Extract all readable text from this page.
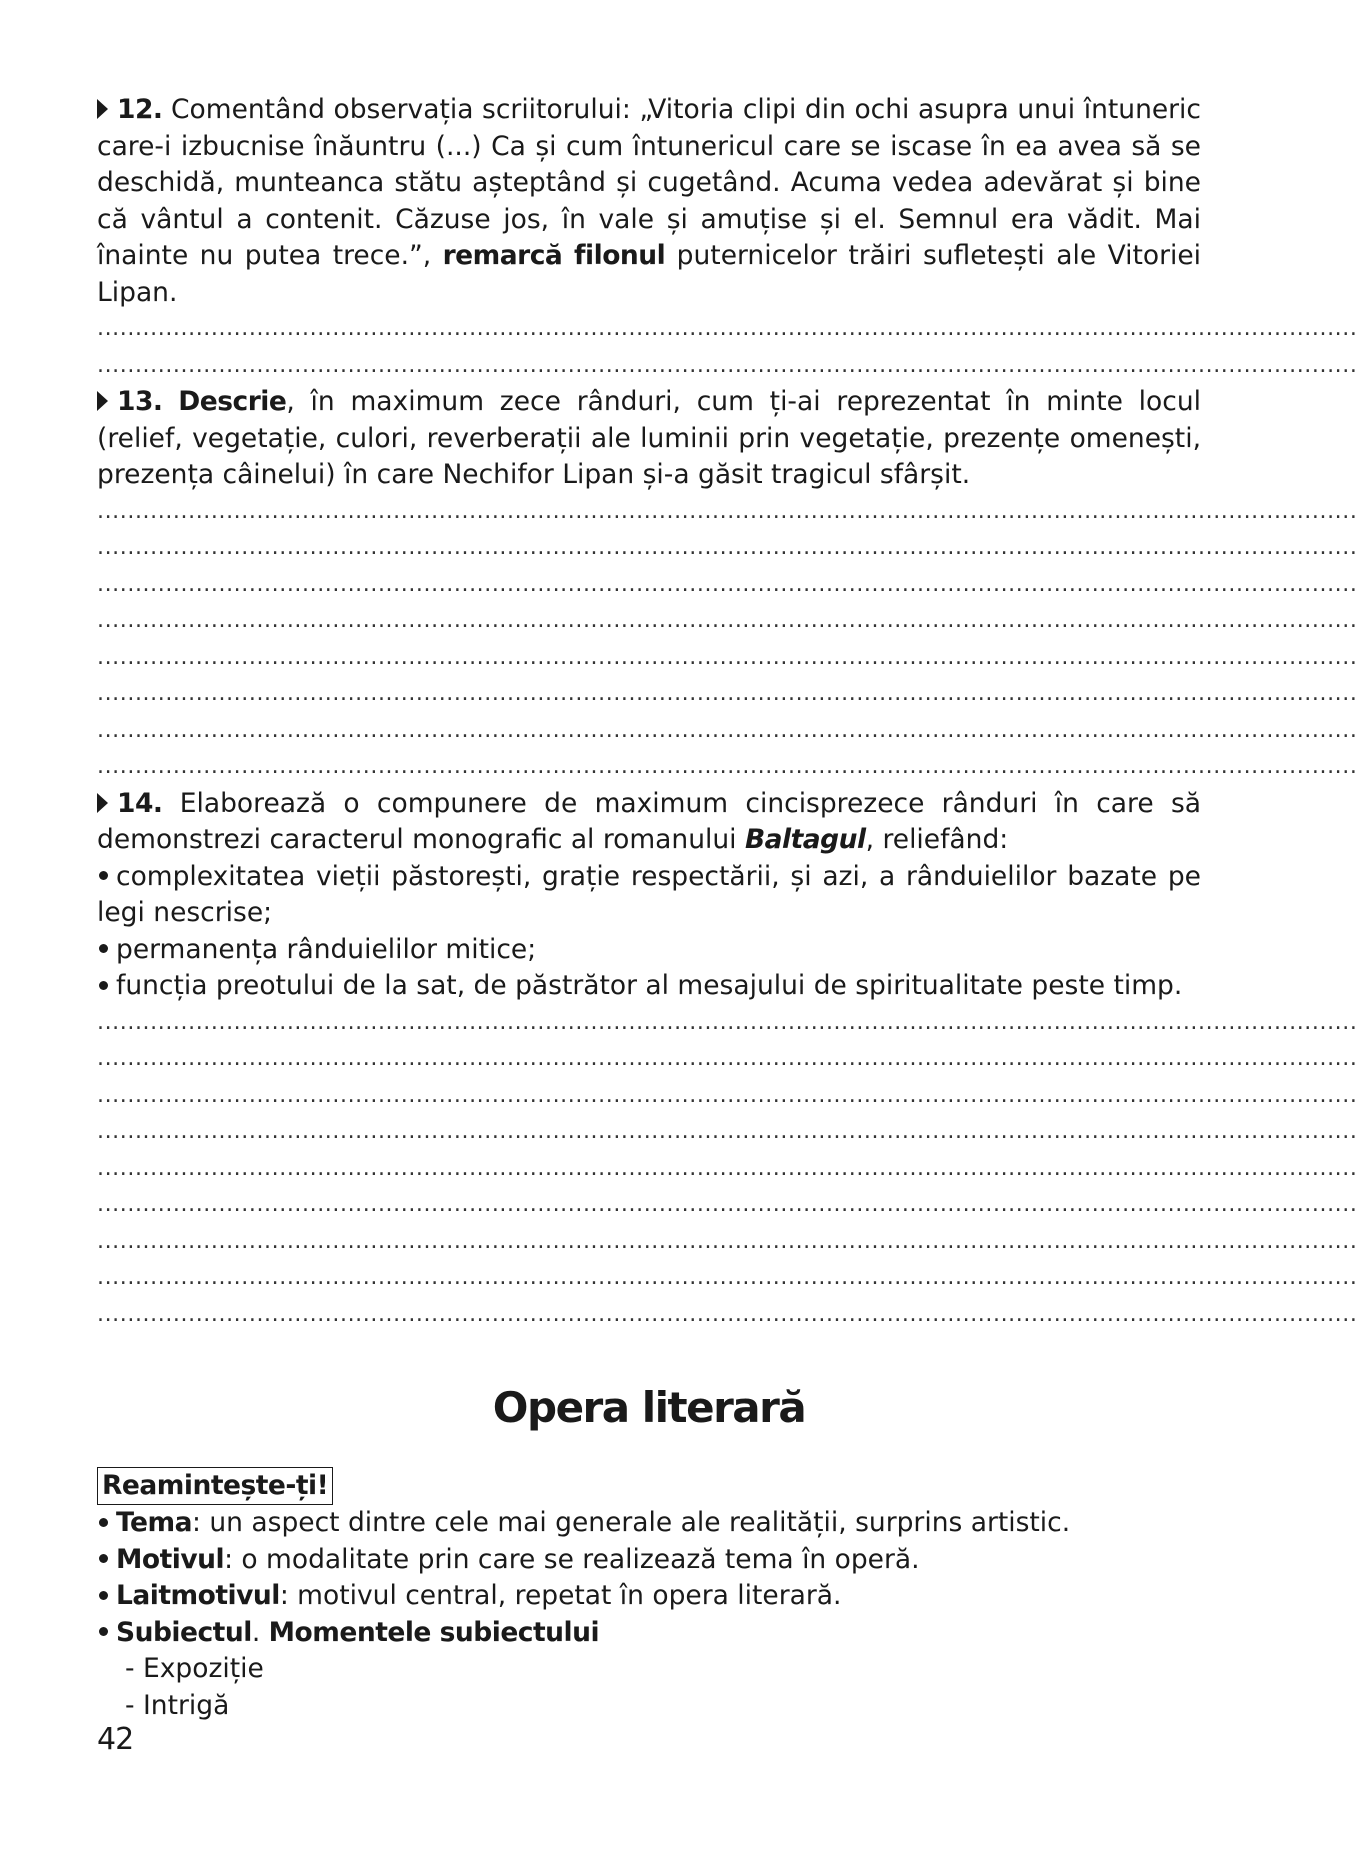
12. Comentând observația scriitorului: „Vitoria clipi din ochi asupra unui întuneric care-i izbucnise înăuntru (...) Ca și cum întunericul care se iscase în ea avea să se deschidă, munteanca stătu așteptând și cugetând. Acuma vedea adevărat și bine că vântul a contenit. Căzuse jos, în vale și amuțise și el. Semnul era vădit. Mai înainte nu putea trece.”, remarcă filonul puternicelor trăiri sufletești ale Vitoriei Lipan.

......................................................................................................................................................................

......................................................................................................................................................................

13. Descrie, în maximum zece rânduri, cum ți-ai reprezentat în minte locul (relief, vegetație, culori, reverberații ale luminii prin vegetație, prezențe omenești, prezența câinelui) în care Nechifor Lipan și-a găsit tragicul sfârșit.

......................................................................................................................................................................

......................................................................................................................................................................

......................................................................................................................................................................

......................................................................................................................................................................

......................................................................................................................................................................

......................................................................................................................................................................

......................................................................................................................................................................

......................................................................................................................................................................

14. Elaborează o compunere de maximum cincisprezece rânduri în care să demonstrezi caracterul monografic al romanului Baltagul, reliefând:

complexitatea vieții păstorești, grație respectării, și azi, a rânduielilor bazate pe legi nescrise;

permanența rânduielilor mitice;

funcția preotului de la sat, de păstrător al mesajului de spiritualitate peste timp.

......................................................................................................................................................................

......................................................................................................................................................................

......................................................................................................................................................................

......................................................................................................................................................................

......................................................................................................................................................................

......................................................................................................................................................................

......................................................................................................................................................................

......................................................................................................................................................................

......................................................................................................................................................................

Opera literară
Reamintește-ți!

Tema: un aspect dintre cele mai generale ale realității, surprins artistic.

Motivul: o modalitate prin care se realizează tema în operă.

Laitmotivul: motivul central, repetat în opera literară.

Subiectul. Momentele subiectului

- Expoziție

- Intrigă

42
